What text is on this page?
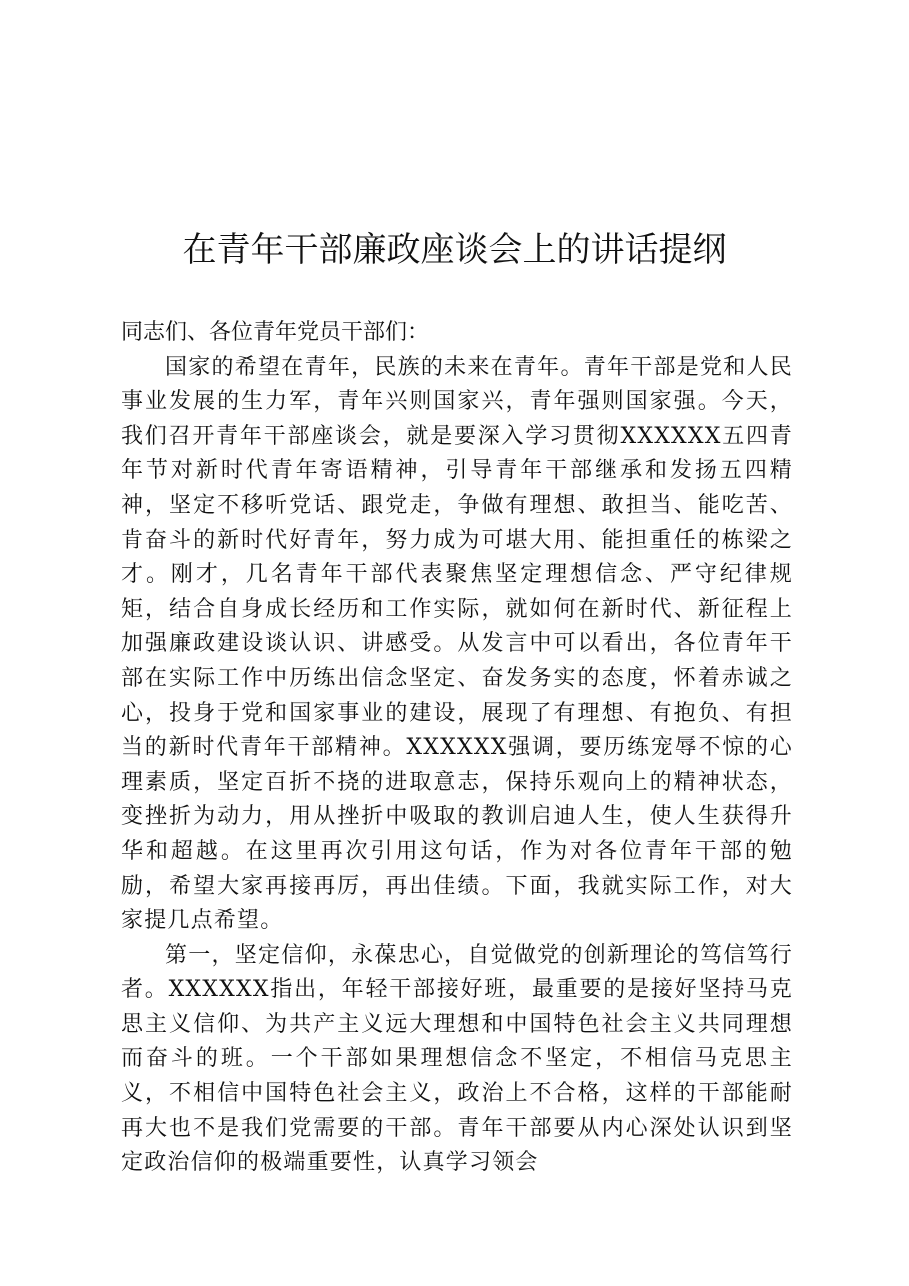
在青年干部廉政座谈会上的讲话提纲

同志们、各位青年党员干部们：

国家的希望在青年，民族的未来在青年。青年干部是党和人民事业发展的生力军，青年兴则国家兴，青年强则国家强。今天，我们召开青年干部座谈会，就是要深入学习贯彻XXXXXX五四青年节对新时代青年寄语精神，引导青年干部继承和发扬五四精神，坚定不移听党话、跟党走，争做有理想、敢担当、能吃苦、肯奋斗的新时代好青年，努力成为可堪大用、能担重任的栋梁之才。刚才，几名青年干部代表聚焦坚定理想信念、严守纪律规矩，结合自身成长经历和工作实际，就如何在新时代、新征程上加强廉政建设谈认识、讲感受。从发言中可以看出，各位青年干部在实际工作中历练出信念坚定、奋发务实的态度，怀着赤诚之心，投身于党和国家事业的建设，展现了有理想、有抱负、有担当的新时代青年干部精神。XXXXXX强调，要历练宠辱不惊的心理素质，坚定百折不挠的进取意志，保持乐观向上的精神状态，变挫折为动力，用从挫折中吸取的教训启迪人生，使人生获得升华和超越。在这里再次引用这句话，作为对各位青年干部的勉励，希望大家再接再厉，再出佳绩。下面，我就实际工作，对大家提几点希望。

第一，坚定信仰，永葆忠心，自觉做党的创新理论的笃信笃行者。XXXXXX指出，年轻干部接好班，最重要的是接好坚持马克思主义信仰、为共产主义远大理想和中国特色社会主义共同理想而奋斗的班。一个干部如果理想信念不坚定，不相信马克思主义，不相信中国特色社会主义，政治上不合格，这样的干部能耐再大也不是我们党需要的干部。青年干部要从内心深处认识到坚定政治信仰的极端重要性，认真学习领会
